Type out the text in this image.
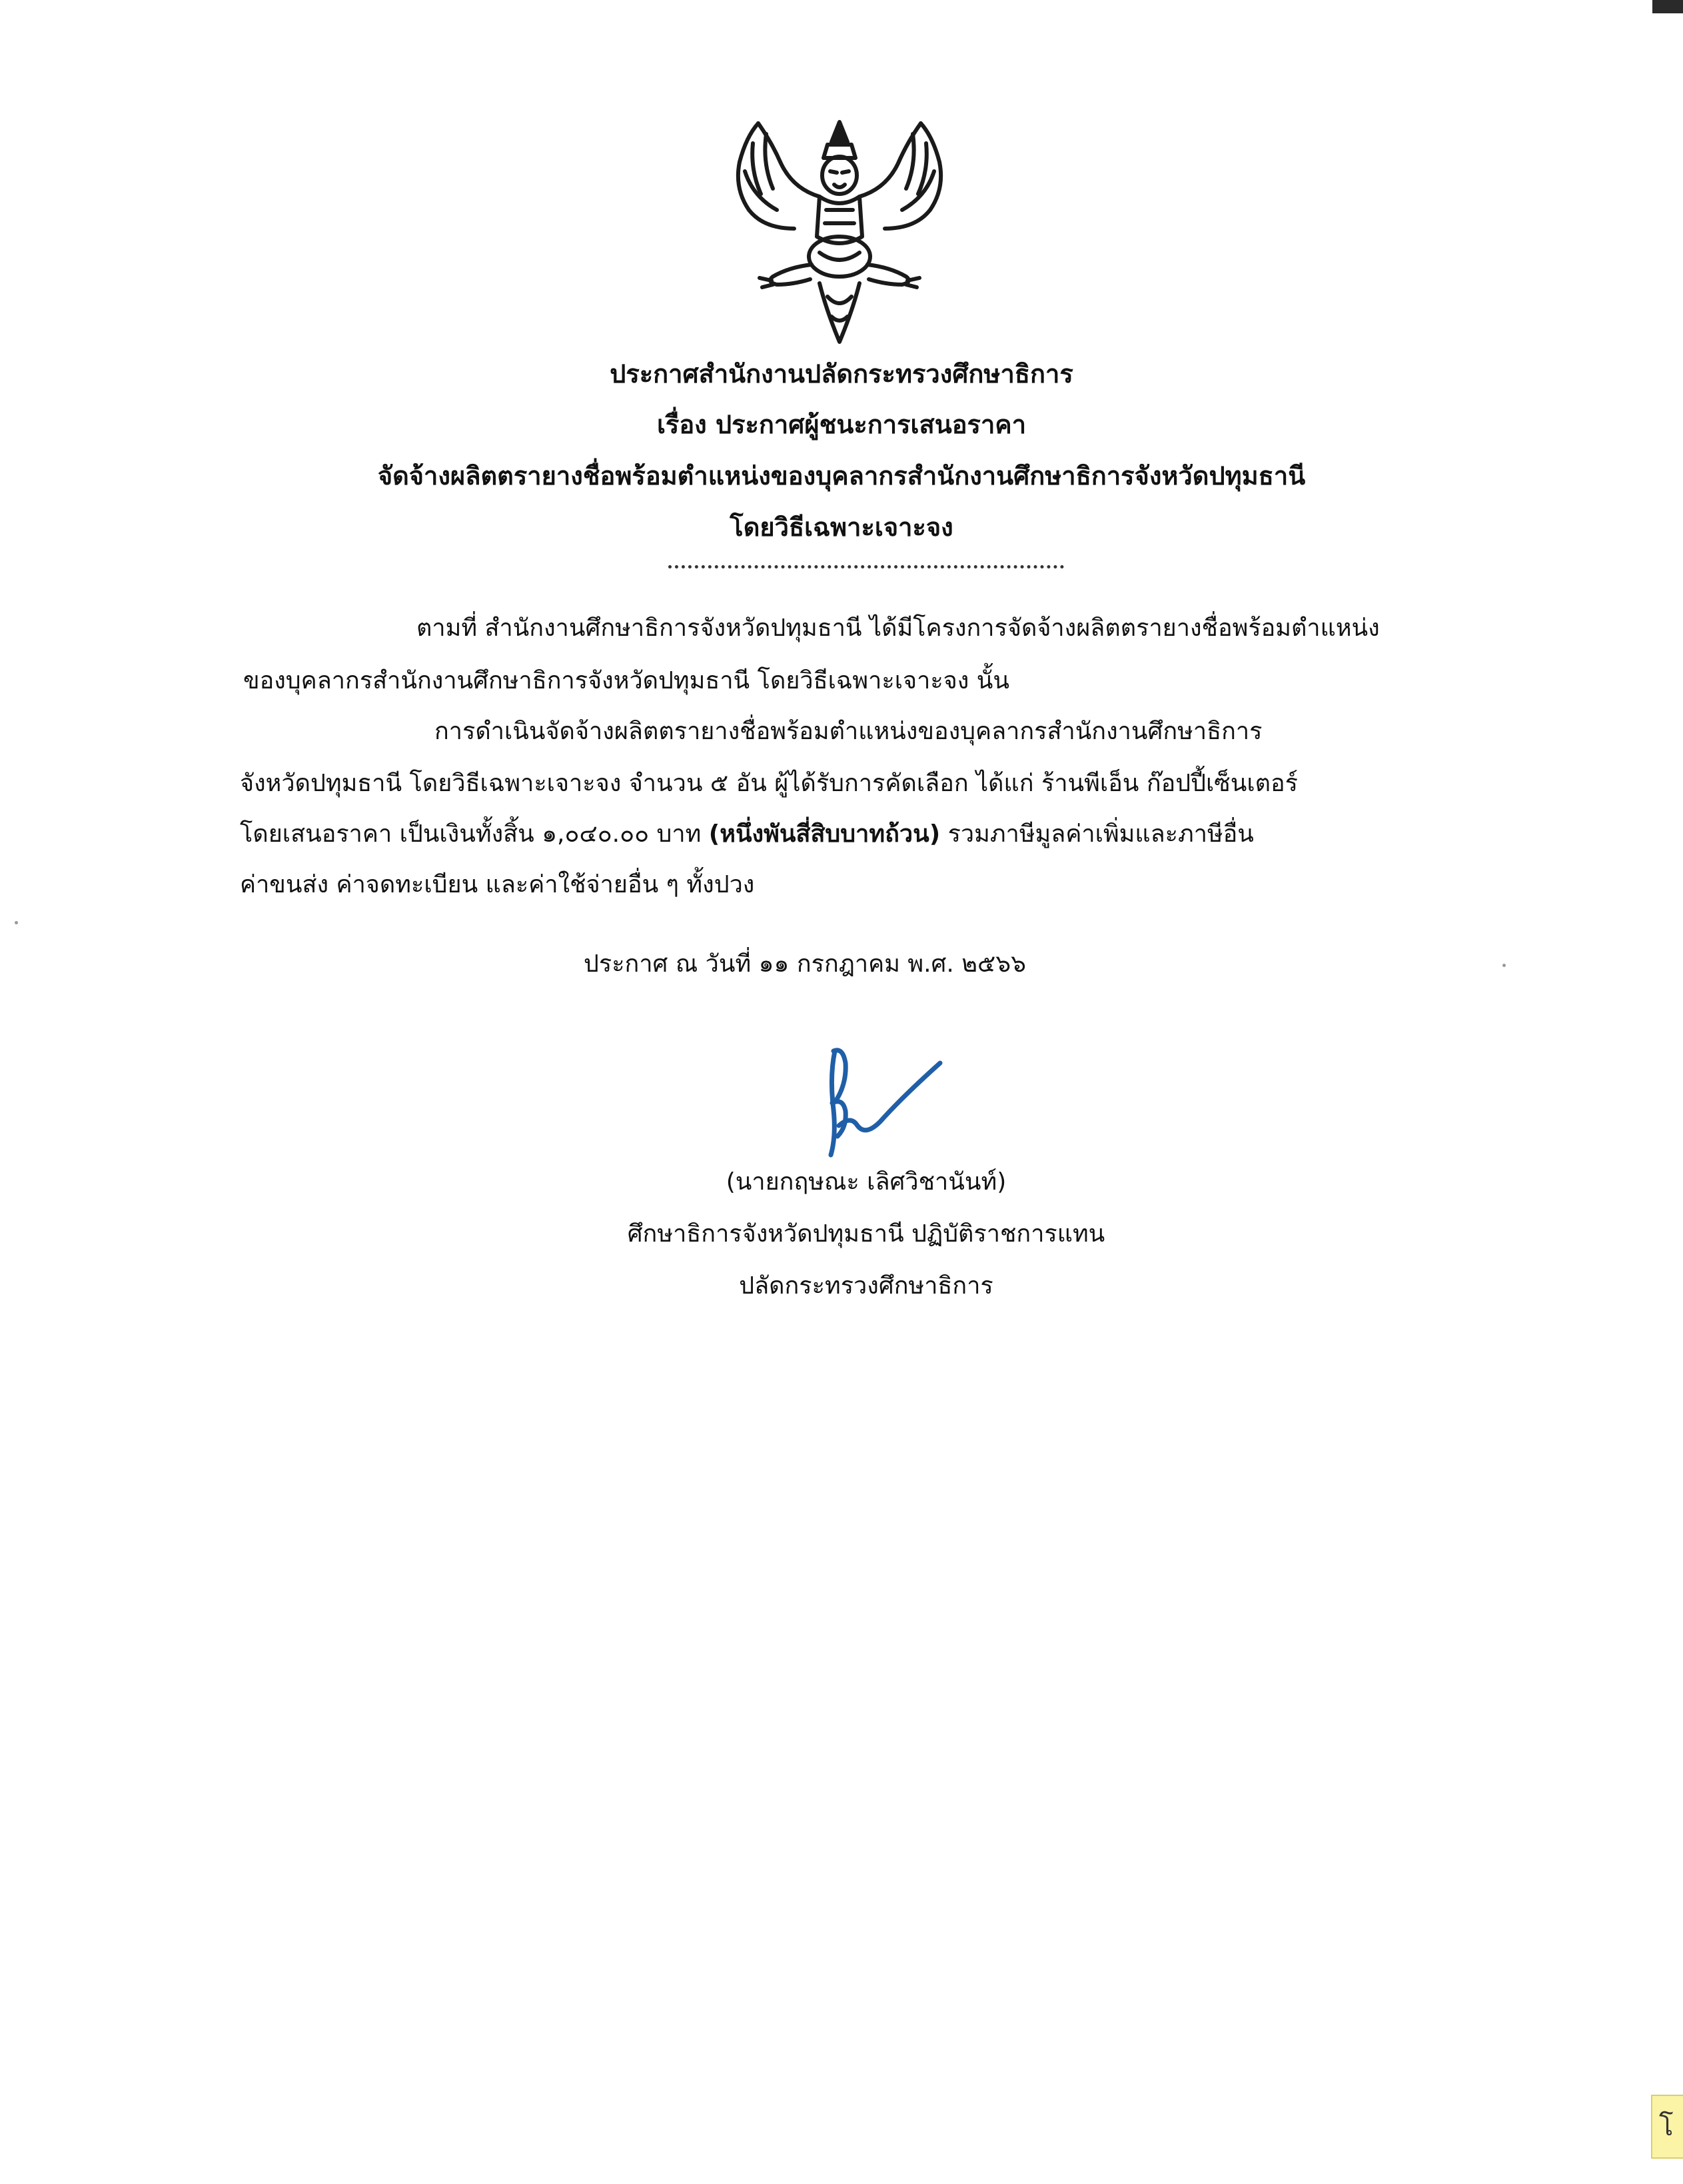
ประกาศสำนักงานปลัดกระทรวงศึกษาธิการ
เรื่อง ประกาศผู้ชนะการเสนอราคา
จัดจ้างผลิตตรายางชื่อพร้อมตำแหน่งของบุคลากรสำนักงานศึกษาธิการจังหวัดปทุมธานี
โดยวิธีเฉพาะเจาะจง
ตามที่ สำนักงานศึกษาธิการจังหวัดปทุมธานี ได้มีโครงการจัดจ้างผลิตตรายางชื่อพร้อมตำแหน่ง
ของบุคลากรสำนักงานศึกษาธิการจังหวัดปทุมธานี โดยวิธีเฉพาะเจาะจง นั้น
การดำเนินจัดจ้างผลิตตรายางชื่อพร้อมตำแหน่งของบุคลากรสำนักงานศึกษาธิการ
จังหวัดปทุมธานี โดยวิธีเฉพาะเจาะจง จำนวน ๕ อัน ผู้ได้รับการคัดเลือก ได้แก่ ร้านพีเอ็น ก๊อปปี้เซ็นเตอร์
โดยเสนอราคา เป็นเงินทั้งสิ้น ๑,๐๔๐.๐๐ บาท (หนึ่งพันสี่สิบบาทถ้วน) รวมภาษีมูลค่าเพิ่มและภาษีอื่น
ค่าขนส่ง ค่าจดทะเบียน และค่าใช้จ่ายอื่น ๆ ทั้งปวง
ประกาศ ณ วันที่ ๑๑ กรกฎาคม พ.ศ. ๒๕๖๖
(นายกฤษณะ เลิศวิชานันท์)
ศึกษาธิการจังหวัดปทุมธานี ปฏิบัติราชการแทน
ปลัดกระทรวงศึกษาธิการ
โ
